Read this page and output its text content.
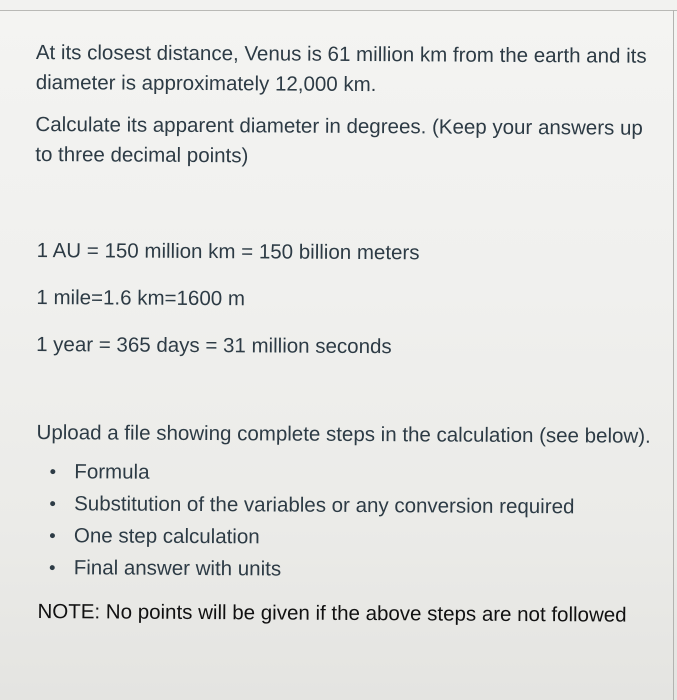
At its closest distance, Venus is 61 million km from the earth and its diameter is approximately 12,000 km.

Calculate its apparent diameter in degrees. (Keep your answers up to three decimal points)

1 AU = 150 million km = 150 billion meters
1 mile=1.6 km=1600 m
1 year = 365 days = 31 million seconds
Upload a file showing complete steps in the calculation (see below).
Formula
Substitution of the variables or any conversion required
One step calculation
Final answer with units
NOTE: No points will be given if the above steps are not followed
